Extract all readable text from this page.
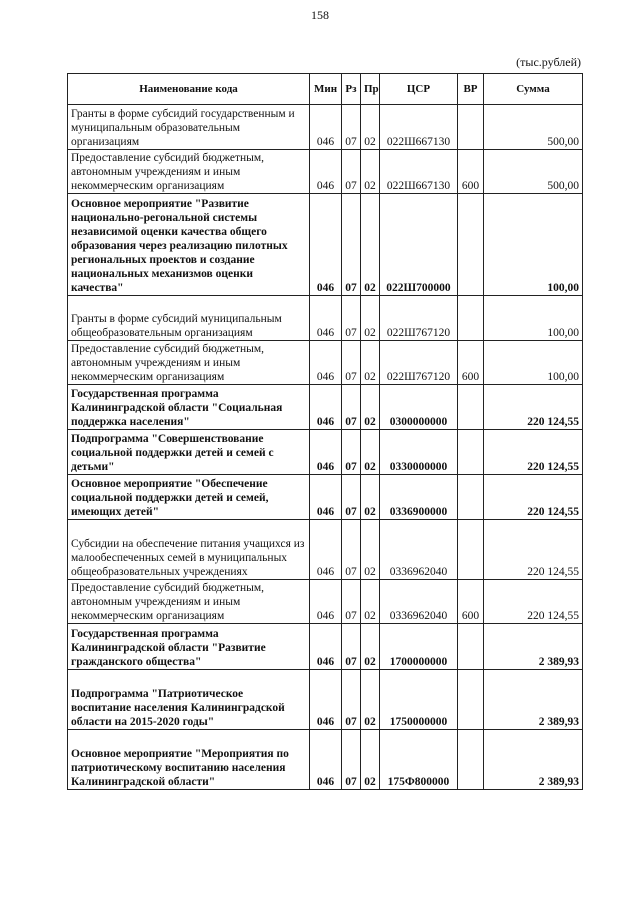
158
(тыс.рублей)
Наименование кода	Мин	Рз	Пр	ЦСР	ВР	Сумма
Гранты в форме субсидий государственным и муниципальным образовательным организациям	046	07	02	022Ш667130		500,00
Предоставление субсидий бюджетным, автономным учреждениям и иным некоммерческим организациям	046	07	02	022Ш667130	600	500,00
Основное мероприятие "Развитие национально-регональной системы независимой оценки качества общего образования через реализацию пилотных региональных проектов и создание национальных механизмов оценки качества"	046	07	02	022Ш700000		100,00
Гранты в форме субсидий муниципальным общеобразовательным организациям	046	07	02	022Ш767120		100,00
Предоставление субсидий бюджетным, автономным учреждениям и иным некоммерческим организациям	046	07	02	022Ш767120	600	100,00
Государственная программа Калининградской области "Социальная поддержка населения"	046	07	02	0300000000		220 124,55
Подпрограмма "Совершенствование социальной поддержки детей и семей с детьми"	046	07	02	0330000000		220 124,55
Основное мероприятие "Обеспечение социальной поддержки детей и семей, имеющих детей"	046	07	02	0336900000		220 124,55
Субсидии на обеспечение питания учащихся из малообеспеченных семей в муниципальных общеобразовательных учреждениях	046	07	02	0336962040		220 124,55
Предоставление субсидий бюджетным, автономным учреждениям и иным некоммерческим организациям	046	07	02	0336962040	600	220 124,55
Государственная программа Калининградской области "Развитие гражданского общества"	046	07	02	1700000000		2 389,93
Подпрограмма "Патриотическое воспитание населения Калининградской области на 2015-2020 годы"	046	07	02	1750000000		2 389,93
Основное мероприятие "Мероприятия по патриотическому воспитанию населения Калининградской области"	046	07	02	175Ф800000		2 389,93
